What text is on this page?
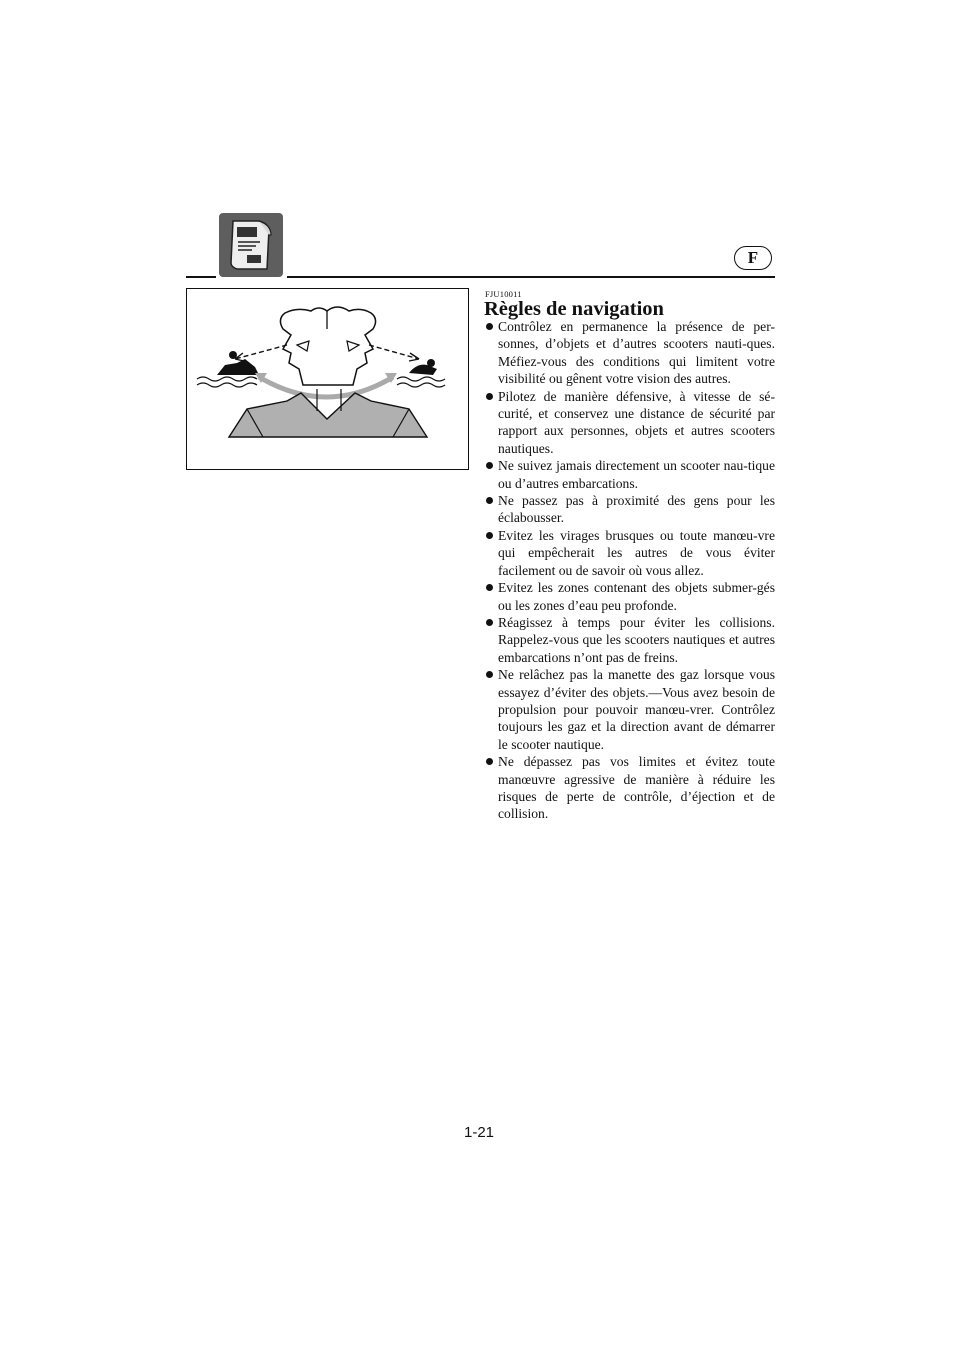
F
FJU10011
Règles de navigation
Contrôlez en permanence la présence de per-sonnes, d’objets et d’autres scooters nauti-ques. Méfiez-vous des conditions qui limitent votre visibilité ou gênent votre vision des autres.
Pilotez de manière défensive, à vitesse de sé-curité, et conservez une distance de sécurité par rapport aux personnes, objets et autres scooters nautiques.
Ne suivez jamais directement un scooter nau-tique ou d’autres embarcations.
Ne passez pas à proximité des gens pour les éclabousser.
Evitez les virages brusques ou toute manœu-vre qui empêcherait les autres de vous éviter facilement ou de savoir où vous allez.
Evitez les zones contenant des objets submer-gés ou les zones d’eau peu profonde.
Réagissez à temps pour éviter les collisions. Rappelez-vous que les scooters nautiques et autres embarcations n’ont pas de freins.
Ne relâchez pas la manette des gaz lorsque vous essayez d’éviter des objets.—Vous avez besoin de propulsion pour pouvoir manœu-vrer. Contrôlez toujours les gaz et la direction avant de démarrer le scooter nautique.
Ne dépassez pas vos limites et évitez toute manœuvre agressive de manière à réduire les risques de perte de contrôle, d’éjection et de collision.
1-21
